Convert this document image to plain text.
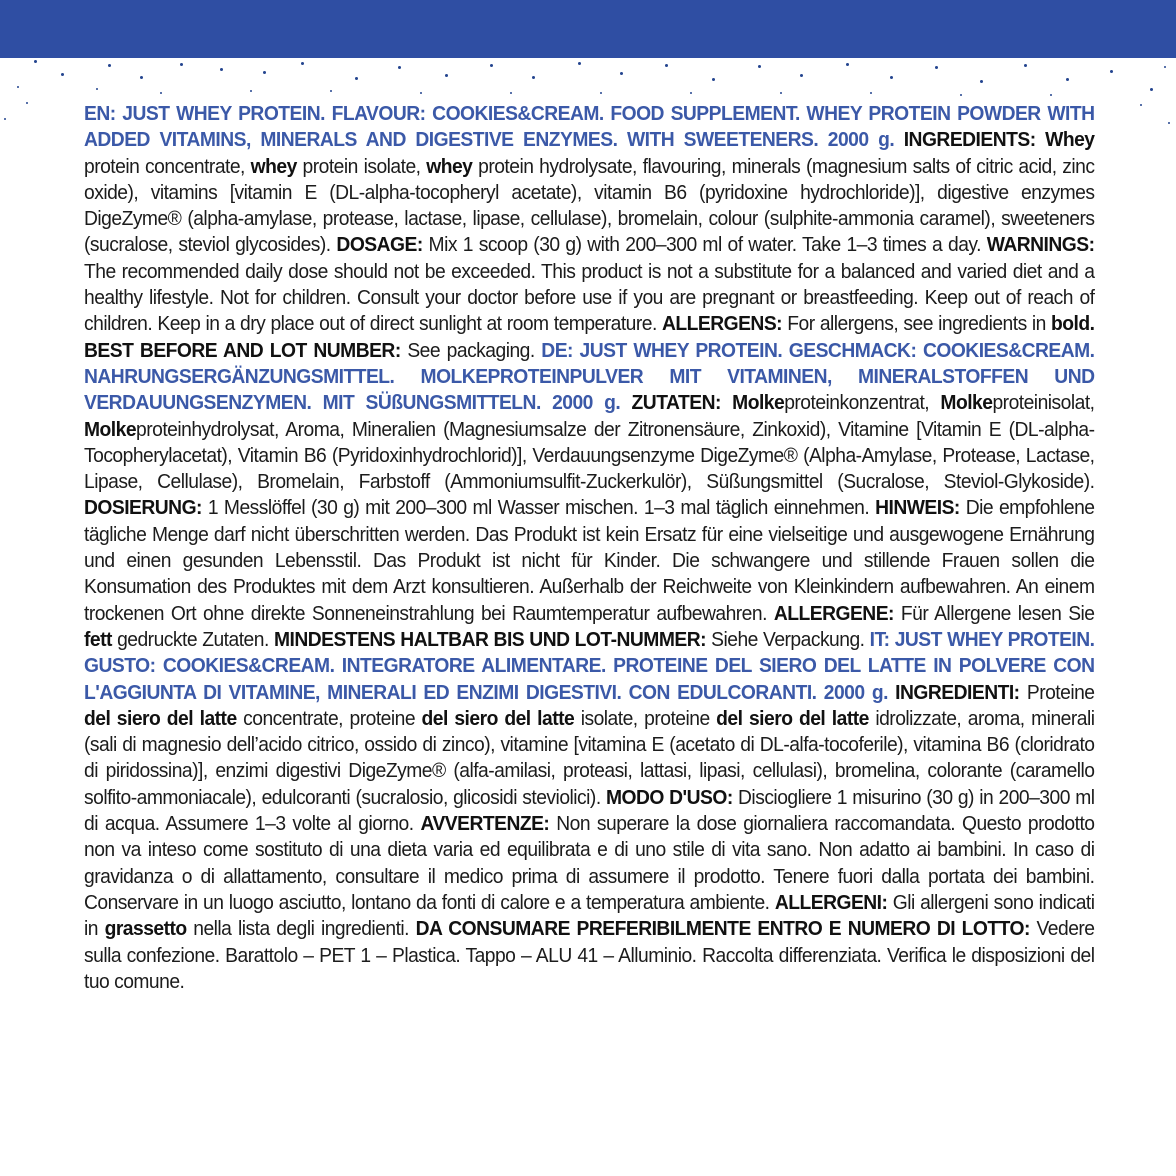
EN: JUST WHEY PROTEIN. FLAVOUR: COOKIES&CREAM. FOOD SUPPLEMENT. WHEY PROTEIN POWDER WITH ADDED VITAMINS, MINERALS AND DIGESTIVE ENZYMES. WITH SWEETENERS. 2000 g. INGREDIENTS: Whey protein concentrate, whey protein isolate, whey protein hydrolysate, flavouring, minerals (magnesium salts of citric acid, zinc oxide), vitamins [vitamin E (DL-alpha-tocopheryl acetate), vitamin B6 (pyridoxine hydrochloride)], digestive enzymes DigeZyme® (alpha-amylase, protease, lactase, lipase, cellulase), bromelain, colour (sulphite-ammonia caramel), sweeteners (sucralose, steviol glycosides). DOSAGE: Mix 1 scoop (30 g) with 200–300 ml of water. Take 1–3 times a day. WARNINGS: The recommended daily dose should not be exceeded. This product is not a substitute for a balanced and varied diet and a healthy lifestyle. Not for children. Consult your doctor before use if you are pregnant or breastfeeding. Keep out of reach of children. Keep in a dry place out of direct sunlight at room temperature. ALLERGENS: For allergens, see ingredients in bold. BEST BEFORE AND LOT NUMBER: See packaging. DE: JUST WHEY PROTEIN. GESCHMACK: COOKIES&CREAM. NAHRUNGSERGÄNZUNGSMITTEL. MOLKEPROTEINPULVER MIT VITAMINEN, MINERALSTOFFEN UND VERDAUUNGSENZYMEN. MIT SÜßUNGSMITTELN. 2000 g. ZUTATEN: Molkeproteinkonzentrat, Molkeproteinisolat, Molkeproteinhydrolysat, Aroma, Mineralien (Magnesiumsalze der Zitronensäure, Zinkoxid), Vitamine [Vitamin E (DL-alpha-Tocopherylacetat), Vitamin B6 (Pyridoxinhydrochlorid)], Verdauungsenzyme DigeZyme® (Alpha-Amylase, Protease, Lactase, Lipase, Cellulase), Bromelain, Farbstoff (Ammoniumsulfit-Zuckerkulör), Süßungsmittel (Sucralose, Steviol-Glykoside). DOSIERUNG: 1 Messlöffel (30 g) mit 200–300 ml Wasser mischen. 1–3 mal täglich einnehmen. HINWEIS: Die empfohlene tägliche Menge darf nicht überschritten werden. Das Produkt ist kein Ersatz für eine vielseitige und ausgewogene Ernährung und einen gesunden Lebensstil. Das Produkt ist nicht für Kinder. Die schwangere und stillende Frauen sollen die Konsumation des Produktes mit dem Arzt konsultieren. Außerhalb der Reichweite von Kleinkindern aufbewahren. An einem trockenen Ort ohne direkte Sonneneinstrahlung bei Raumtemperatur aufbewahren. ALLERGENE: Für Allergene lesen Sie fett gedruckte Zutaten. MINDESTENS HALTBAR BIS UND LOT-NUMMER: Siehe Verpackung. IT: JUST WHEY PROTEIN. GUSTO: COOKIES&CREAM. INTEGRATORE ALIMENTARE. PROTEINE DEL SIERO DEL LATTE IN POLVERE CON L'AGGIUNTA DI VITAMINE, MINERALI ED ENZIMI DIGESTIVI. CON EDULCORANTI. 2000 g. INGREDIENTI: Proteine del siero del latte concentrate, proteine del siero del latte isolate, proteine del siero del latte idrolizzate, aroma, minerali (sali di magnesio dell’acido citrico, ossido di zinco), vitamine [vitamina E (acetato di DL-alfa-tocoferile), vitamina B6 (cloridrato di piridossina)], enzimi digestivi DigeZyme® (alfa-amilasi, proteasi, lattasi, lipasi, cellulasi), bromelina, colorante (caramello solfito-ammoniacale), edulcoranti (sucralosio, glicosidi steviolici). MODO D'USO: Disciogliere 1 misurino (30 g) in 200–300 ml di acqua. Assumere 1–3 volte al giorno. AVVERTENZE: Non superare la dose giornaliera raccomandata. Questo prodotto non va inteso come sostituto di una dieta varia ed equilibrata e di uno stile di vita sano. Non adatto ai bambini. In caso di gravidanza o di allattamento, consultare il medico prima di assumere il prodotto. Tenere fuori dalla portata dei bambini. Conservare in un luogo asciutto, lontano da fonti di calore e a temperatura ambiente. ALLERGENI: Gli allergeni sono indicati in grassetto nella lista degli ingredienti. DA CONSUMARE PREFERIBILMENTE ENTRO E NUMERO DI LOTTO: Vedere sulla confezione. Barattolo – PET 1 – Plastica. Tappo – ALU 41 – Alluminio. Raccolta differenziata. Verifica le disposizioni del tuo comune.
